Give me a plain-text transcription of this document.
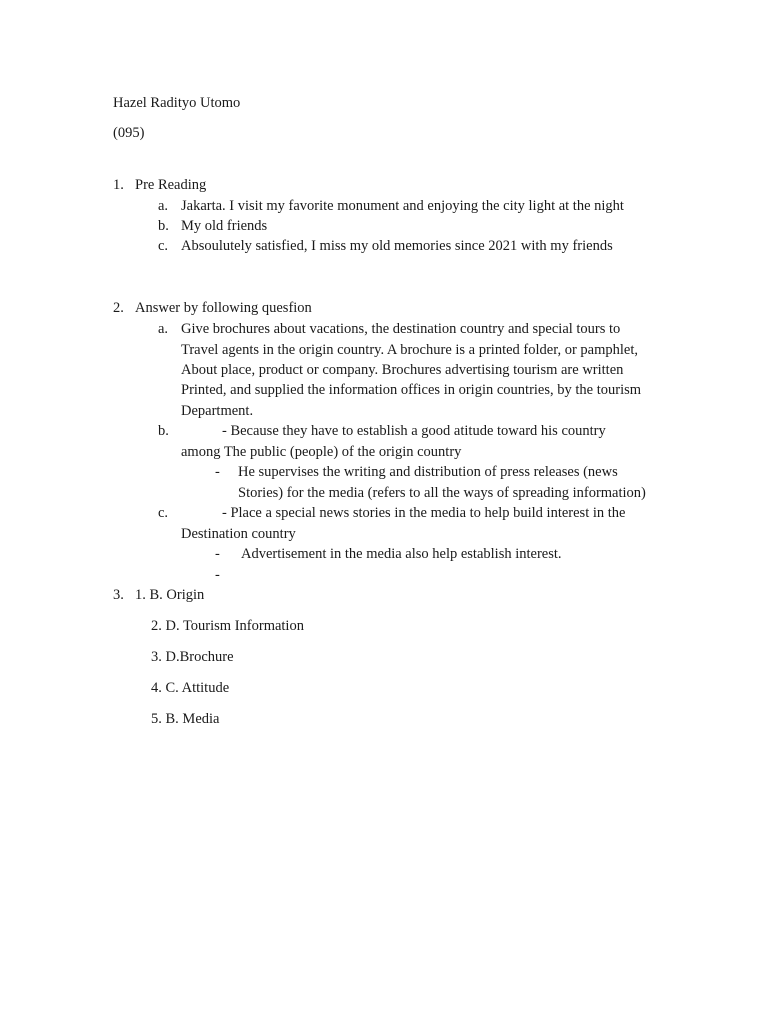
Hazel Radityo Utomo
(095)
1. Pre Reading
a. Jakarta. I visit my favorite monument and enjoying the city light at the night
b. My old friends
c. Absoulutely satisfied, I miss my old memories since 2021 with my friends
2. Answer by following quesfion
a. Give brochures about vacations, the destination country and special tours to
Travel agents in the origin country. A brochure is a printed folder, or pamphlet,
About place, product or company. Brochures advertising tourism are written
Printed, and supplied the information offices in origin countries, by the tourism
Department.
b.	- Because they have to establish a good atitude toward his country
among The public (people) of the origin country
- He supervises the writing and distribution of press releases (news
Stories) for the media (refers to all the ways of spreading information)
c.	- Place a special news stories in the media to help build interest in the
Destination country
- Advertisement in the media also help establish interest.
-
3. 1. B. Origin
2. D. Tourism Information
3. D.Brochure
4. C. Attitude
5. B. Media
